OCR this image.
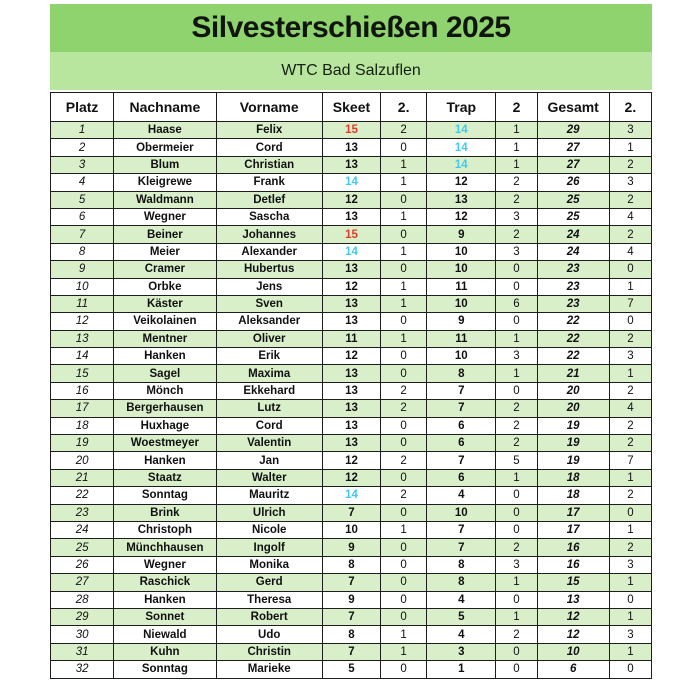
Silvesterschießen 2025
WTC Bad Salzuflen
Platz	Nachname	Vorname	Skeet	2.	Trap	2	Gesamt	2.
1	Haase	Felix	15	2	14	1	29	3
2	Obermeier	Cord	13	0	14	1	27	1
3	Blum	Christian	13	1	14	1	27	2
4	Kleigrewe	Frank	14	1	12	2	26	3
5	Waldmann	Detlef	12	0	13	2	25	2
6	Wegner	Sascha	13	1	12	3	25	4
7	Beiner	Johannes	15	0	9	2	24	2
8	Meier	Alexander	14	1	10	3	24	4
9	Cramer	Hubertus	13	0	10	0	23	0
10	Orbke	Jens	12	1	11	0	23	1
11	Käster	Sven	13	1	10	6	23	7
12	Veikolainen	Aleksander	13	0	9	0	22	0
13	Mentner	Oliver	11	1	11	1	22	2
14	Hanken	Erik	12	0	10	3	22	3
15	Sagel	Maxima	13	0	8	1	21	1
16	Mönch	Ekkehard	13	2	7	0	20	2
17	Bergerhausen	Lutz	13	2	7	2	20	4
18	Huxhage	Cord	13	0	6	2	19	2
19	Woestmeyer	Valentin	13	0	6	2	19	2
20	Hanken	Jan	12	2	7	5	19	7
21	Staatz	Walter	12	0	6	1	18	1
22	Sonntag	Mauritz	14	2	4	0	18	2
23	Brink	Ulrich	7	0	10	0	17	0
24	Christoph	Nicole	10	1	7	0	17	1
25	Münchhausen	Ingolf	9	0	7	2	16	2
26	Wegner	Monika	8	0	8	3	16	3
27	Raschick	Gerd	7	0	8	1	15	1
28	Hanken	Theresa	9	0	4	0	13	0
29	Sonnet	Robert	7	0	5	1	12	1
30	Niewald	Udo	8	1	4	2	12	3
31	Kuhn	Christin	7	1	3	0	10	1
32	Sonntag	Marieke	5	0	1	0	6	0
